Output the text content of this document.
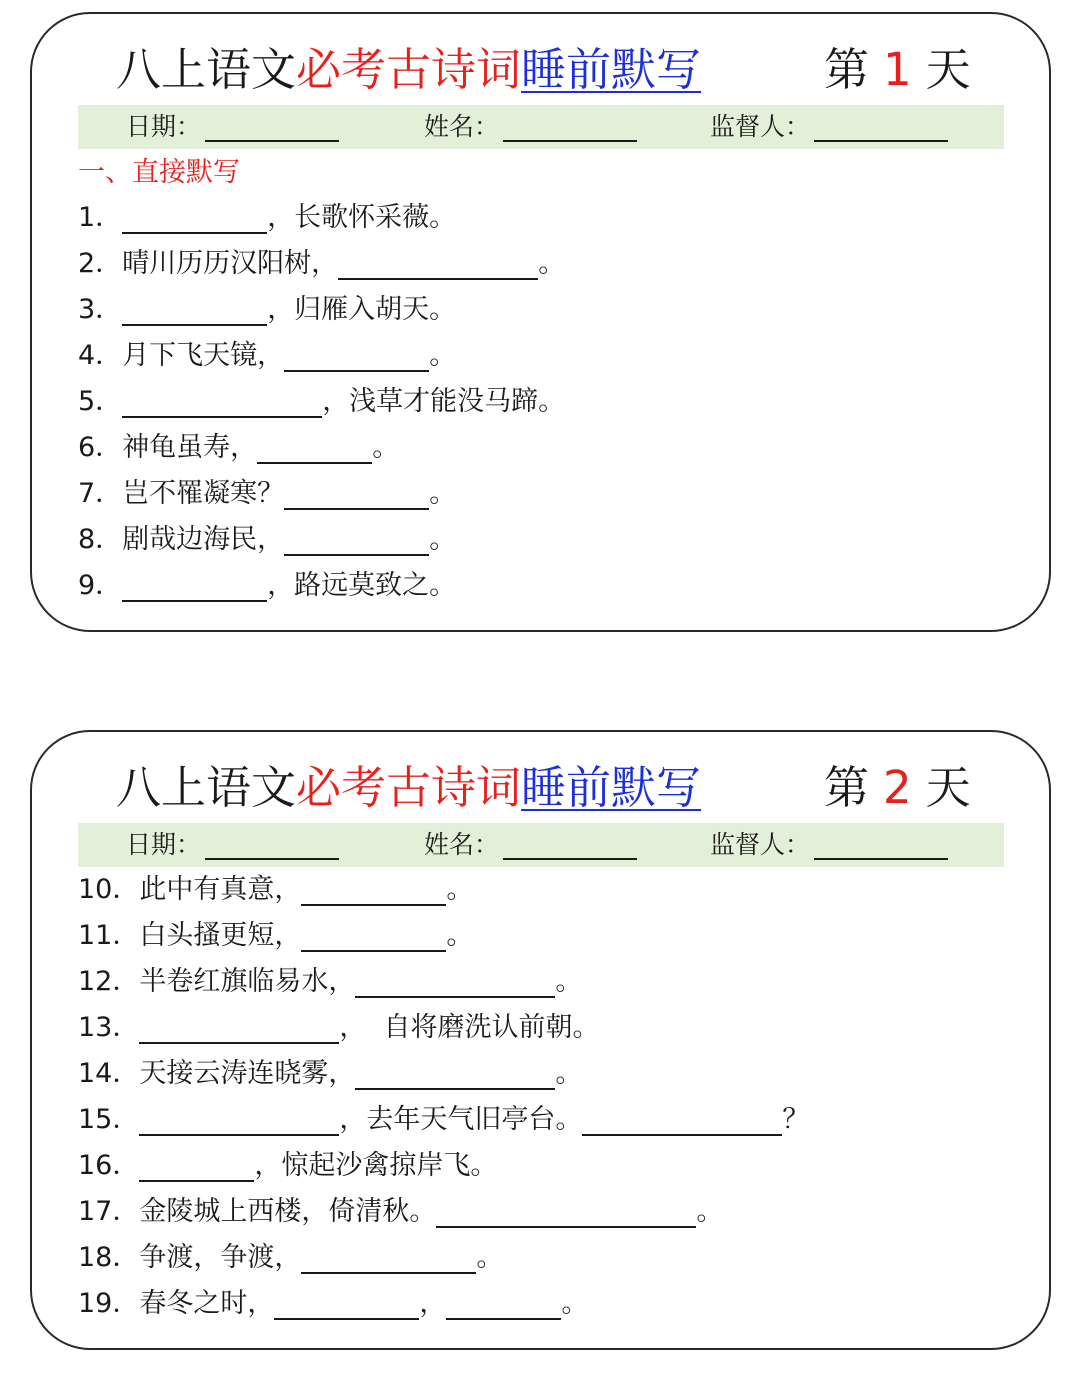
八上语文必考古诗词睡前默写	第 1 天
日期：	姓名：	监督人：
一、直接默写
1．	，长歌怀采薇。
2．晴川历历汉阳树，	。
3．	，归雁入胡天。
4．月下飞天镜，	。
5．	，浅草才能没马蹄。
6．神龟虽寿，	。
7．岂不罹凝寒？	。
8．剧哉边海民，	。
9．	，路远莫致之。
八上语文必考古诗词睡前默写	第 2 天
日期：	姓名：	监督人：
10．此中有真意，	。
11．白头搔更短，	。
12．半卷红旗临易水，	。
13．	，  自将磨洗认前朝。
14．天接云涛连晓雾，	。
15．	，去年天气旧亭台。	？
16．	，惊起沙禽掠岸飞。
17．金陵城上西楼，倚清秋。	。
18．争渡，争渡，	。
19．春冬之时，	，	。
